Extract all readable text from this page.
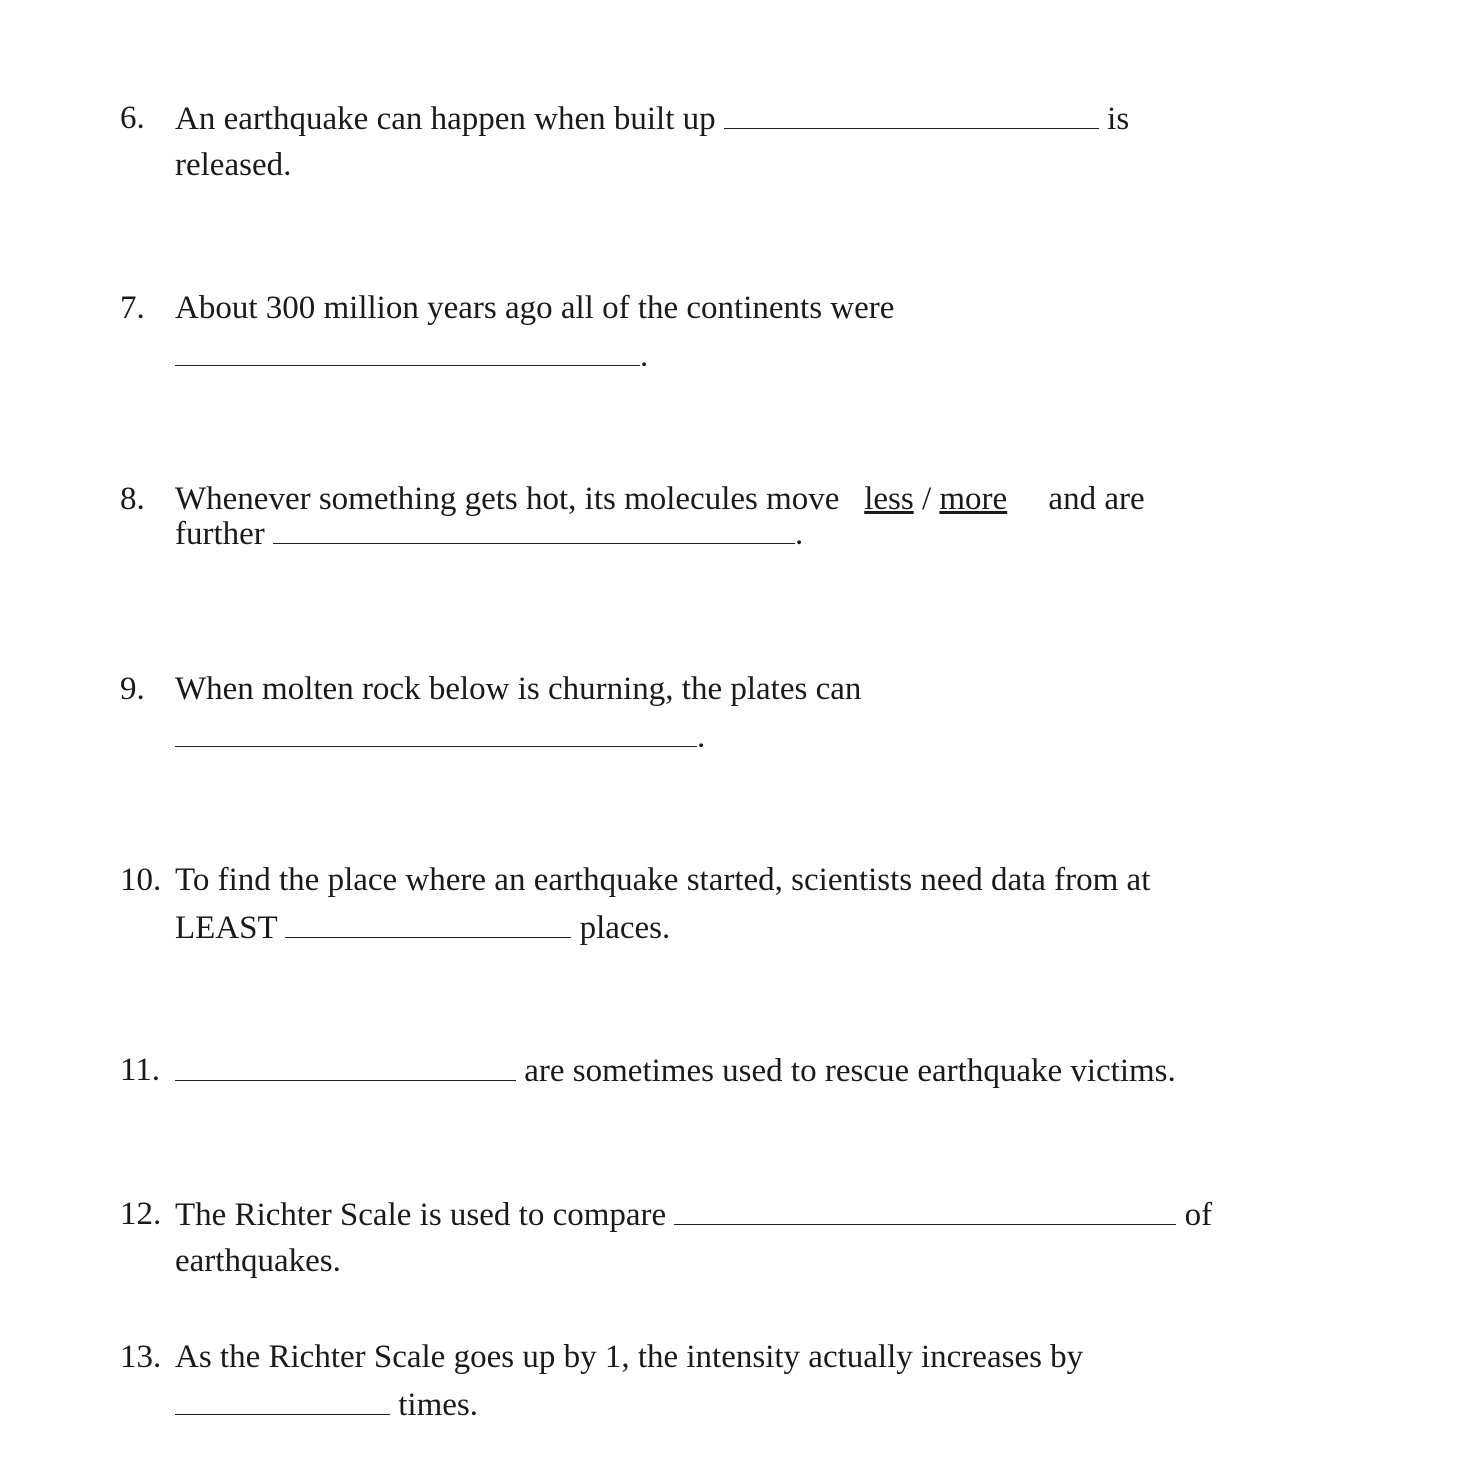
6. An earthquake can happen when built up	is
released.
7. About 300 million years ago all of the continents were
.
8. Whenever something gets hot, its molecules move less / more and are
further	.
9. When molten rock below is churning, the plates can
.
10. To find the place where an earthquake started, scientists need data from at
LEAST	places.
11.	are sometimes used to rescue earthquake victims.
12. The Richter Scale is used to compare	of
earthquakes.
13. As the Richter Scale goes up by 1, the intensity actually increases by
times.
